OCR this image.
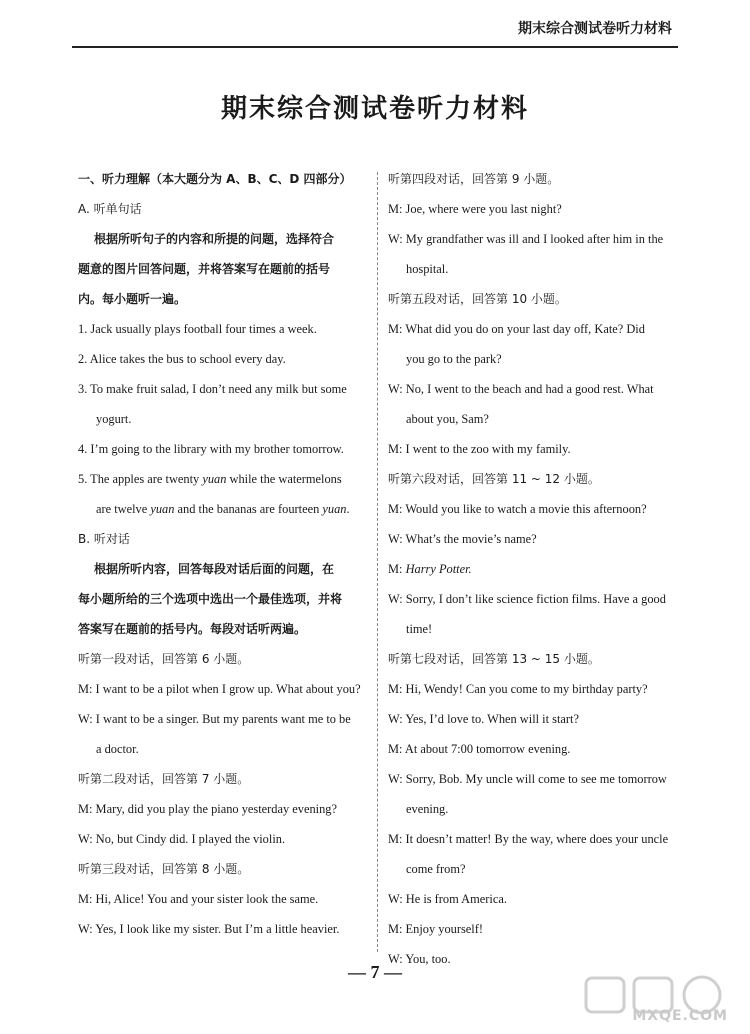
期末综合测试卷听力材料
期末综合测试卷听力材料
一、听力理解（本大题分为 A、B、C、D 四部分）
A. 听单句话
根据所听句子的内容和所提的问题，选择符合
题意的图片回答问题，并将答案写在题前的括号
内。每小题听一遍。
1. Jack usually plays football four times a week.
2. Alice takes the bus to school every day.
3. To make fruit salad, I don’t need any milk but some
yogurt.
4. I’m going to the library with my brother tomorrow.
5. The apples are twenty yuan while the watermelons
are twelve yuan and the bananas are fourteen yuan.
B. 听对话
根据所听内容，回答每段对话后面的问题，在
每小题所给的三个选项中选出一个最佳选项，并将
答案写在题前的括号内。每段对话听两遍。
听第一段对话，回答第 6 小题。
M: I want to be a pilot when I grow up. What about you?
W: I want to be a singer. But my parents want me to be
a doctor.
听第二段对话，回答第 7 小题。
M: Mary, did you play the piano yesterday evening?
W: No, but Cindy did. I played the violin.
听第三段对话，回答第 8 小题。
M: Hi, Alice! You and your sister look the same.
W: Yes, I look like my sister. But I’m a little heavier.
听第四段对话，回答第 9 小题。
M: Joe, where were you last night?
W: My grandfather was ill and I looked after him in the
hospital.
听第五段对话，回答第 10 小题。
M: What did you do on your last day off, Kate? Did
you go to the park?
W: No, I went to the beach and had a good rest. What
about you, Sam?
M: I went to the zoo with my family.
听第六段对话，回答第 11 ~ 12 小题。
M: Would you like to watch a movie this afternoon?
W: What’s the movie’s name?
M: Harry Potter.
W: Sorry, I don’t like science fiction films. Have a good
time!
听第七段对话，回答第 13 ~ 15 小题。
M: Hi, Wendy! Can you come to my birthday party?
W: Yes, I’d love to. When will it start?
M: At about 7:00 tomorrow evening.
W: Sorry, Bob. My uncle will come to see me tomorrow
evening.
M: It doesn’t matter! By the way, where does your uncle
come from?
W: He is from America.
M: Enjoy yourself!
W: You, too.
— 7 —
MXQE.COM
